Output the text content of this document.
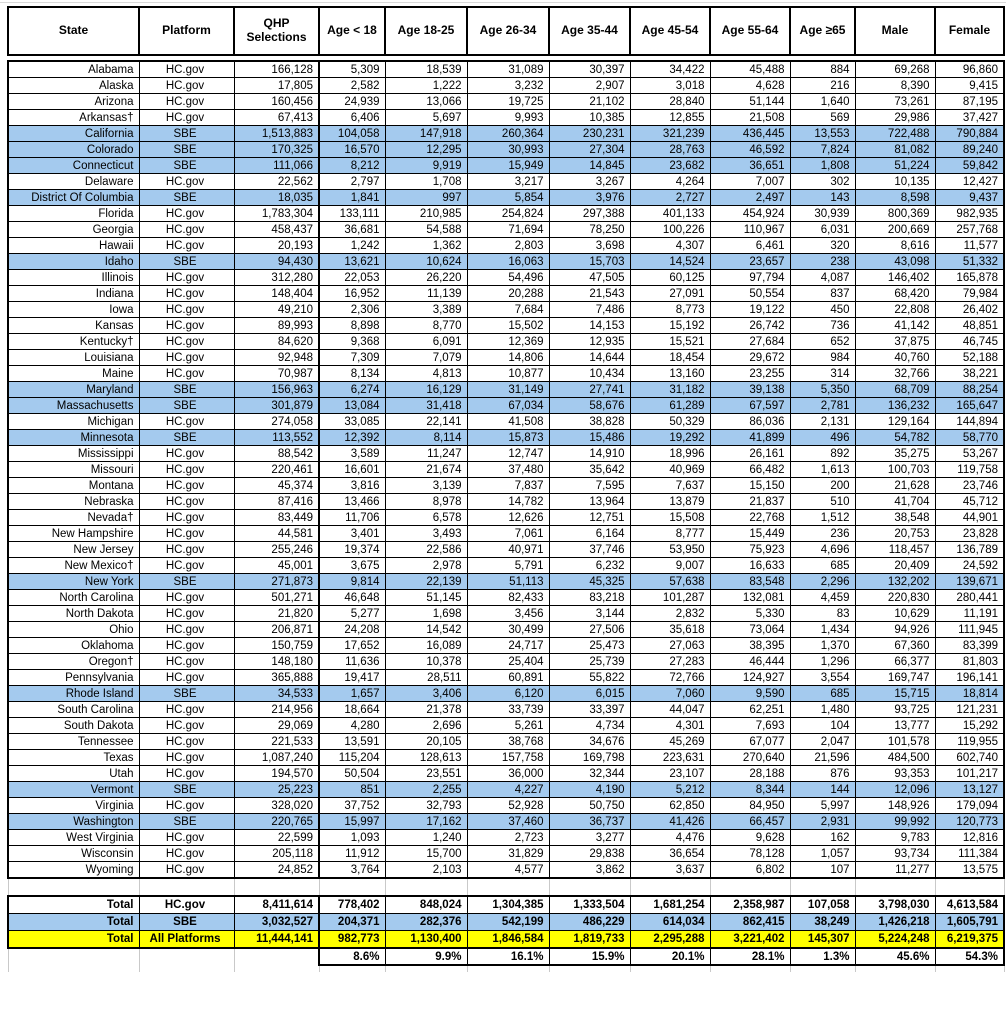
State	Platform	QHP Selections	Age < 18	Age 18-25	Age 26-34	Age 35-44	Age 45-54	Age 55-64	Age ≥65	Male	Female

Alabama	HC.gov	166,128	5,309	18,539	31,089	30,397	34,422	45,488	884	69,268	96,860
Alaska	HC.gov	17,805	2,582	1,222	3,232	2,907	3,018	4,628	216	8,390	9,415
Arizona	HC.gov	160,456	24,939	13,066	19,725	21,102	28,840	51,144	1,640	73,261	87,195
Arkansas†	HC.gov	67,413	6,406	5,697	9,993	10,385	12,855	21,508	569	29,986	37,427
California	SBE	1,513,883	104,058	147,918	260,364	230,231	321,239	436,445	13,553	722,488	790,884
Colorado	SBE	170,325	16,570	12,295	30,993	27,304	28,763	46,592	7,824	81,082	89,240
Connecticut	SBE	111,066	8,212	9,919	15,949	14,845	23,682	36,651	1,808	51,224	59,842
Delaware	HC.gov	22,562	2,797	1,708	3,217	3,267	4,264	7,007	302	10,135	12,427
District Of Columbia	SBE	18,035	1,841	997	5,854	3,976	2,727	2,497	143	8,598	9,437
Florida	HC.gov	1,783,304	133,111	210,985	254,824	297,388	401,133	454,924	30,939	800,369	982,935
Georgia	HC.gov	458,437	36,681	54,588	71,694	78,250	100,226	110,967	6,031	200,669	257,768
Hawaii	HC.gov	20,193	1,242	1,362	2,803	3,698	4,307	6,461	320	8,616	11,577
Idaho	SBE	94,430	13,621	10,624	16,063	15,703	14,524	23,657	238	43,098	51,332
Illinois	HC.gov	312,280	22,053	26,220	54,496	47,505	60,125	97,794	4,087	146,402	165,878
Indiana	HC.gov	148,404	16,952	11,139	20,288	21,543	27,091	50,554	837	68,420	79,984
Iowa	HC.gov	49,210	2,306	3,389	7,684	7,486	8,773	19,122	450	22,808	26,402
Kansas	HC.gov	89,993	8,898	8,770	15,502	14,153	15,192	26,742	736	41,142	48,851
Kentucky†	HC.gov	84,620	9,368	6,091	12,369	12,935	15,521	27,684	652	37,875	46,745
Louisiana	HC.gov	92,948	7,309	7,079	14,806	14,644	18,454	29,672	984	40,760	52,188
Maine	HC.gov	70,987	8,134	4,813	10,877	10,434	13,160	23,255	314	32,766	38,221
Maryland	SBE	156,963	6,274	16,129	31,149	27,741	31,182	39,138	5,350	68,709	88,254
Massachusetts	SBE	301,879	13,084	31,418	67,034	58,676	61,289	67,597	2,781	136,232	165,647
Michigan	HC.gov	274,058	33,085	22,141	41,508	38,828	50,329	86,036	2,131	129,164	144,894
Minnesota	SBE	113,552	12,392	8,114	15,873	15,486	19,292	41,899	496	54,782	58,770
Mississippi	HC.gov	88,542	3,589	11,247	12,747	14,910	18,996	26,161	892	35,275	53,267
Missouri	HC.gov	220,461	16,601	21,674	37,480	35,642	40,969	66,482	1,613	100,703	119,758
Montana	HC.gov	45,374	3,816	3,139	7,837	7,595	7,637	15,150	200	21,628	23,746
Nebraska	HC.gov	87,416	13,466	8,978	14,782	13,964	13,879	21,837	510	41,704	45,712
Nevada†	HC.gov	83,449	11,706	6,578	12,626	12,751	15,508	22,768	1,512	38,548	44,901
New Hampshire	HC.gov	44,581	3,401	3,493	7,061	6,164	8,777	15,449	236	20,753	23,828
New Jersey	HC.gov	255,246	19,374	22,586	40,971	37,746	53,950	75,923	4,696	118,457	136,789
New Mexico†	HC.gov	45,001	3,675	2,978	5,791	6,232	9,007	16,633	685	20,409	24,592
New York	SBE	271,873	9,814	22,139	51,113	45,325	57,638	83,548	2,296	132,202	139,671
North Carolina	HC.gov	501,271	46,648	51,145	82,433	83,218	101,287	132,081	4,459	220,830	280,441
North Dakota	HC.gov	21,820	5,277	1,698	3,456	3,144	2,832	5,330	83	10,629	11,191
Ohio	HC.gov	206,871	24,208	14,542	30,499	27,506	35,618	73,064	1,434	94,926	111,945
Oklahoma	HC.gov	150,759	17,652	16,089	24,717	25,473	27,063	38,395	1,370	67,360	83,399
Oregon†	HC.gov	148,180	11,636	10,378	25,404	25,739	27,283	46,444	1,296	66,377	81,803
Pennsylvania	HC.gov	365,888	19,417	28,511	60,891	55,822	72,766	124,927	3,554	169,747	196,141
Rhode Island	SBE	34,533	1,657	3,406	6,120	6,015	7,060	9,590	685	15,715	18,814
South Carolina	HC.gov	214,956	18,664	21,378	33,739	33,397	44,047	62,251	1,480	93,725	121,231
South Dakota	HC.gov	29,069	4,280	2,696	5,261	4,734	4,301	7,693	104	13,777	15,292
Tennessee	HC.gov	221,533	13,591	20,105	38,768	34,676	45,269	67,077	2,047	101,578	119,955
Texas	HC.gov	1,087,240	115,204	128,613	157,758	169,798	223,631	270,640	21,596	484,500	602,740
Utah	HC.gov	194,570	50,504	23,551	36,000	32,344	23,107	28,188	876	93,353	101,217
Vermont	SBE	25,223	851	2,255	4,227	4,190	5,212	8,344	144	12,096	13,127
Virginia	HC.gov	328,020	37,752	32,793	52,928	50,750	62,850	84,950	5,997	148,926	179,094
Washington	SBE	220,765	15,997	17,162	37,460	36,737	41,426	66,457	2,931	99,992	120,773
West Virginia	HC.gov	22,599	1,093	1,240	2,723	3,277	4,476	9,628	162	9,783	12,816
Wisconsin	HC.gov	205,118	11,912	15,700	31,829	29,838	36,654	78,128	1,057	93,734	111,384
Wyoming	HC.gov	24,852	3,764	2,103	4,577	3,862	3,637	6,802	107	11,277	13,575

Total	HC.gov	8,411,614	778,402	848,024	1,304,385	1,333,504	1,681,254	2,358,987	107,058	3,798,030	4,613,584
Total	SBE	3,032,527	204,371	282,376	542,199	486,229	614,034	862,415	38,249	1,426,218	1,605,791
Total	All Platforms	11,444,141	982,773	1,130,400	1,846,584	1,819,733	2,295,288	3,221,402	145,307	5,224,248	6,219,375
			8.6%	9.9%	16.1%	15.9%	20.1%	28.1%	1.3%	45.6%	54.3%
